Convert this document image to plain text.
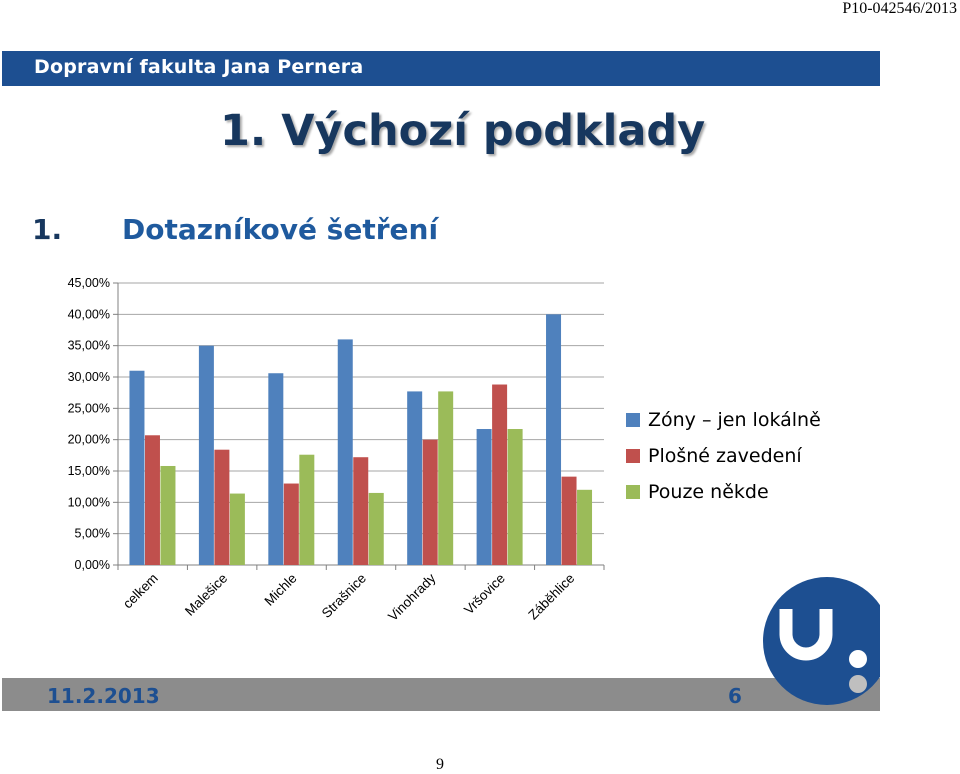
P10-042546/2013
Dopravní fakulta Jana Pernera
1. Výchozí podklady
1. Dotazníkové šetření
0,00%
5,00%
10,00%
15,00%
20,00%
25,00%
30,00%
35,00%
40,00%
45,00%
celkem Malešice Michle Strašnice Vinohrady Vršovice Záběhlice
Zóny – jen lokálně
Plošné zavedení
Pouze někde
11.2.2013	6
9
